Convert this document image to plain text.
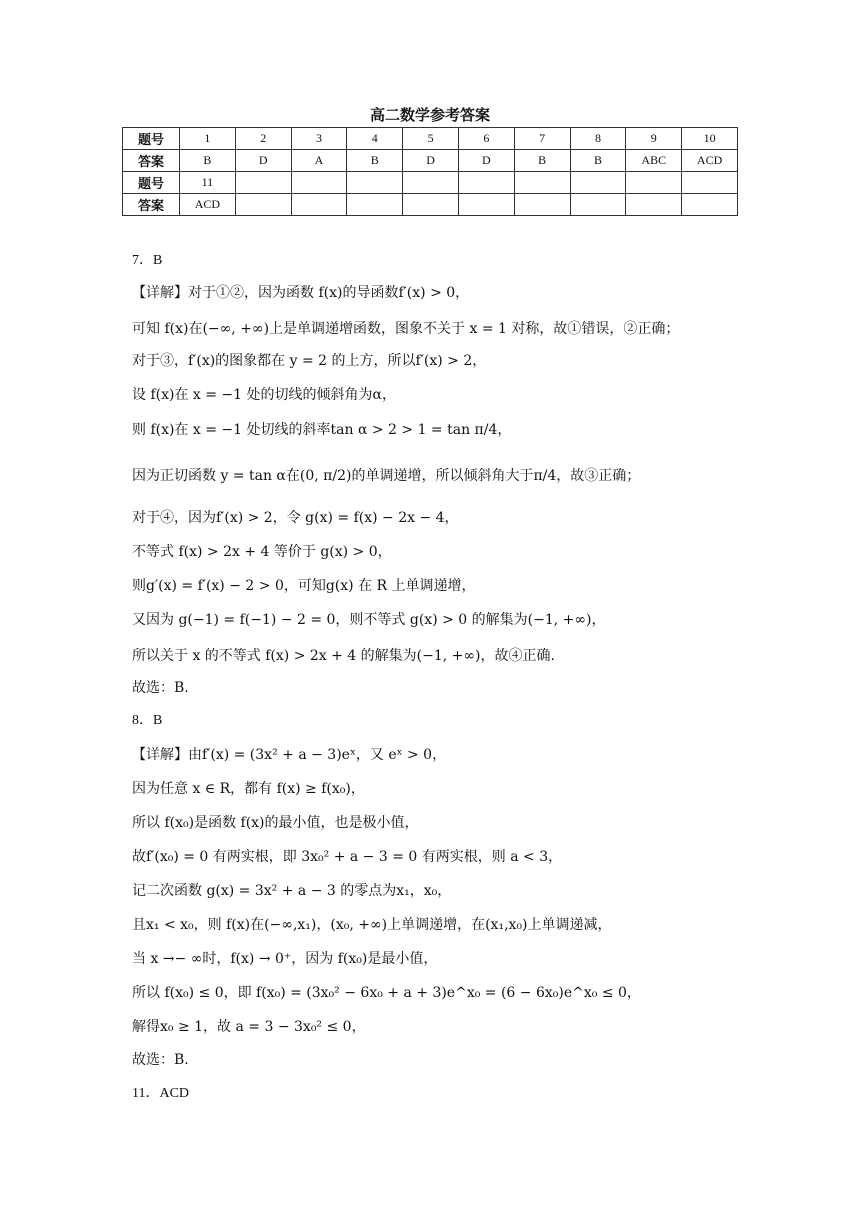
高二数学参考答案
题号	1	2	3	4	5	6	7	8	9	10
答案	B	D	A	B	D	D	B	B	ABC	ACD
题号	11									
答案	ACD									
7．B
【详解】对于①②，因为函数 f(x)的导函数f′(x) > 0，
可知 f(x)在(−∞, +∞)上是单调递增函数，图象不关于 x = 1 对称，故①错误，②正确；
对于③，f′(x)的图象都在 y = 2 的上方，所以f′(x) > 2，
设 f(x)在 x = −1 处的切线的倾斜角为α，
则 f(x)在 x = −1 处切线的斜率tan α > 2 > 1 = tan π/4，
因为正切函数 y = tan α在(0, π/2)的单调递增，所以倾斜角大于π/4，故③正确；
对于④，因为f′(x) > 2，令 g(x) = f(x) − 2x − 4，
不等式 f(x) > 2x + 4 等价于 g(x) > 0，
则g′(x) = f′(x) − 2 > 0，可知g(x) 在 R 上单调递增，
又因为 g(−1) = f(−1) − 2 = 0，则不等式 g(x) > 0 的解集为(−1, +∞)，
所以关于 x 的不等式 f(x) > 2x + 4 的解集为(−1, +∞)，故④正确.
故选：B.
8．B
【详解】由f′(x) = (3x² + a − 3)eˣ，又 eˣ > 0，
因为任意 x ∈ R，都有 f(x) ≥ f(x₀)，
所以 f(x₀)是函数 f(x)的最小值，也是极小值，
故f′(x₀) = 0 有两实根，即 3x₀² + a − 3 = 0 有两实根，则 a < 3，
记二次函数 g(x) = 3x² + a − 3 的零点为x₁，x₀，
且x₁ < x₀，则 f(x)在(−∞,x₁)，(x₀, +∞)上单调递增，在(x₁,x₀)上单调递减，
当 x →− ∞时，f(x) → 0⁺，因为 f(x₀)是最小值，
所以 f(x₀) ≤ 0，即 f(x₀) = (3x₀² − 6x₀ + a + 3)e^x₀ = (6 − 6x₀)e^x₀ ≤ 0，
解得x₀ ≥ 1，故 a = 3 − 3x₀² ≤ 0，
故选：B．
11．ACD
